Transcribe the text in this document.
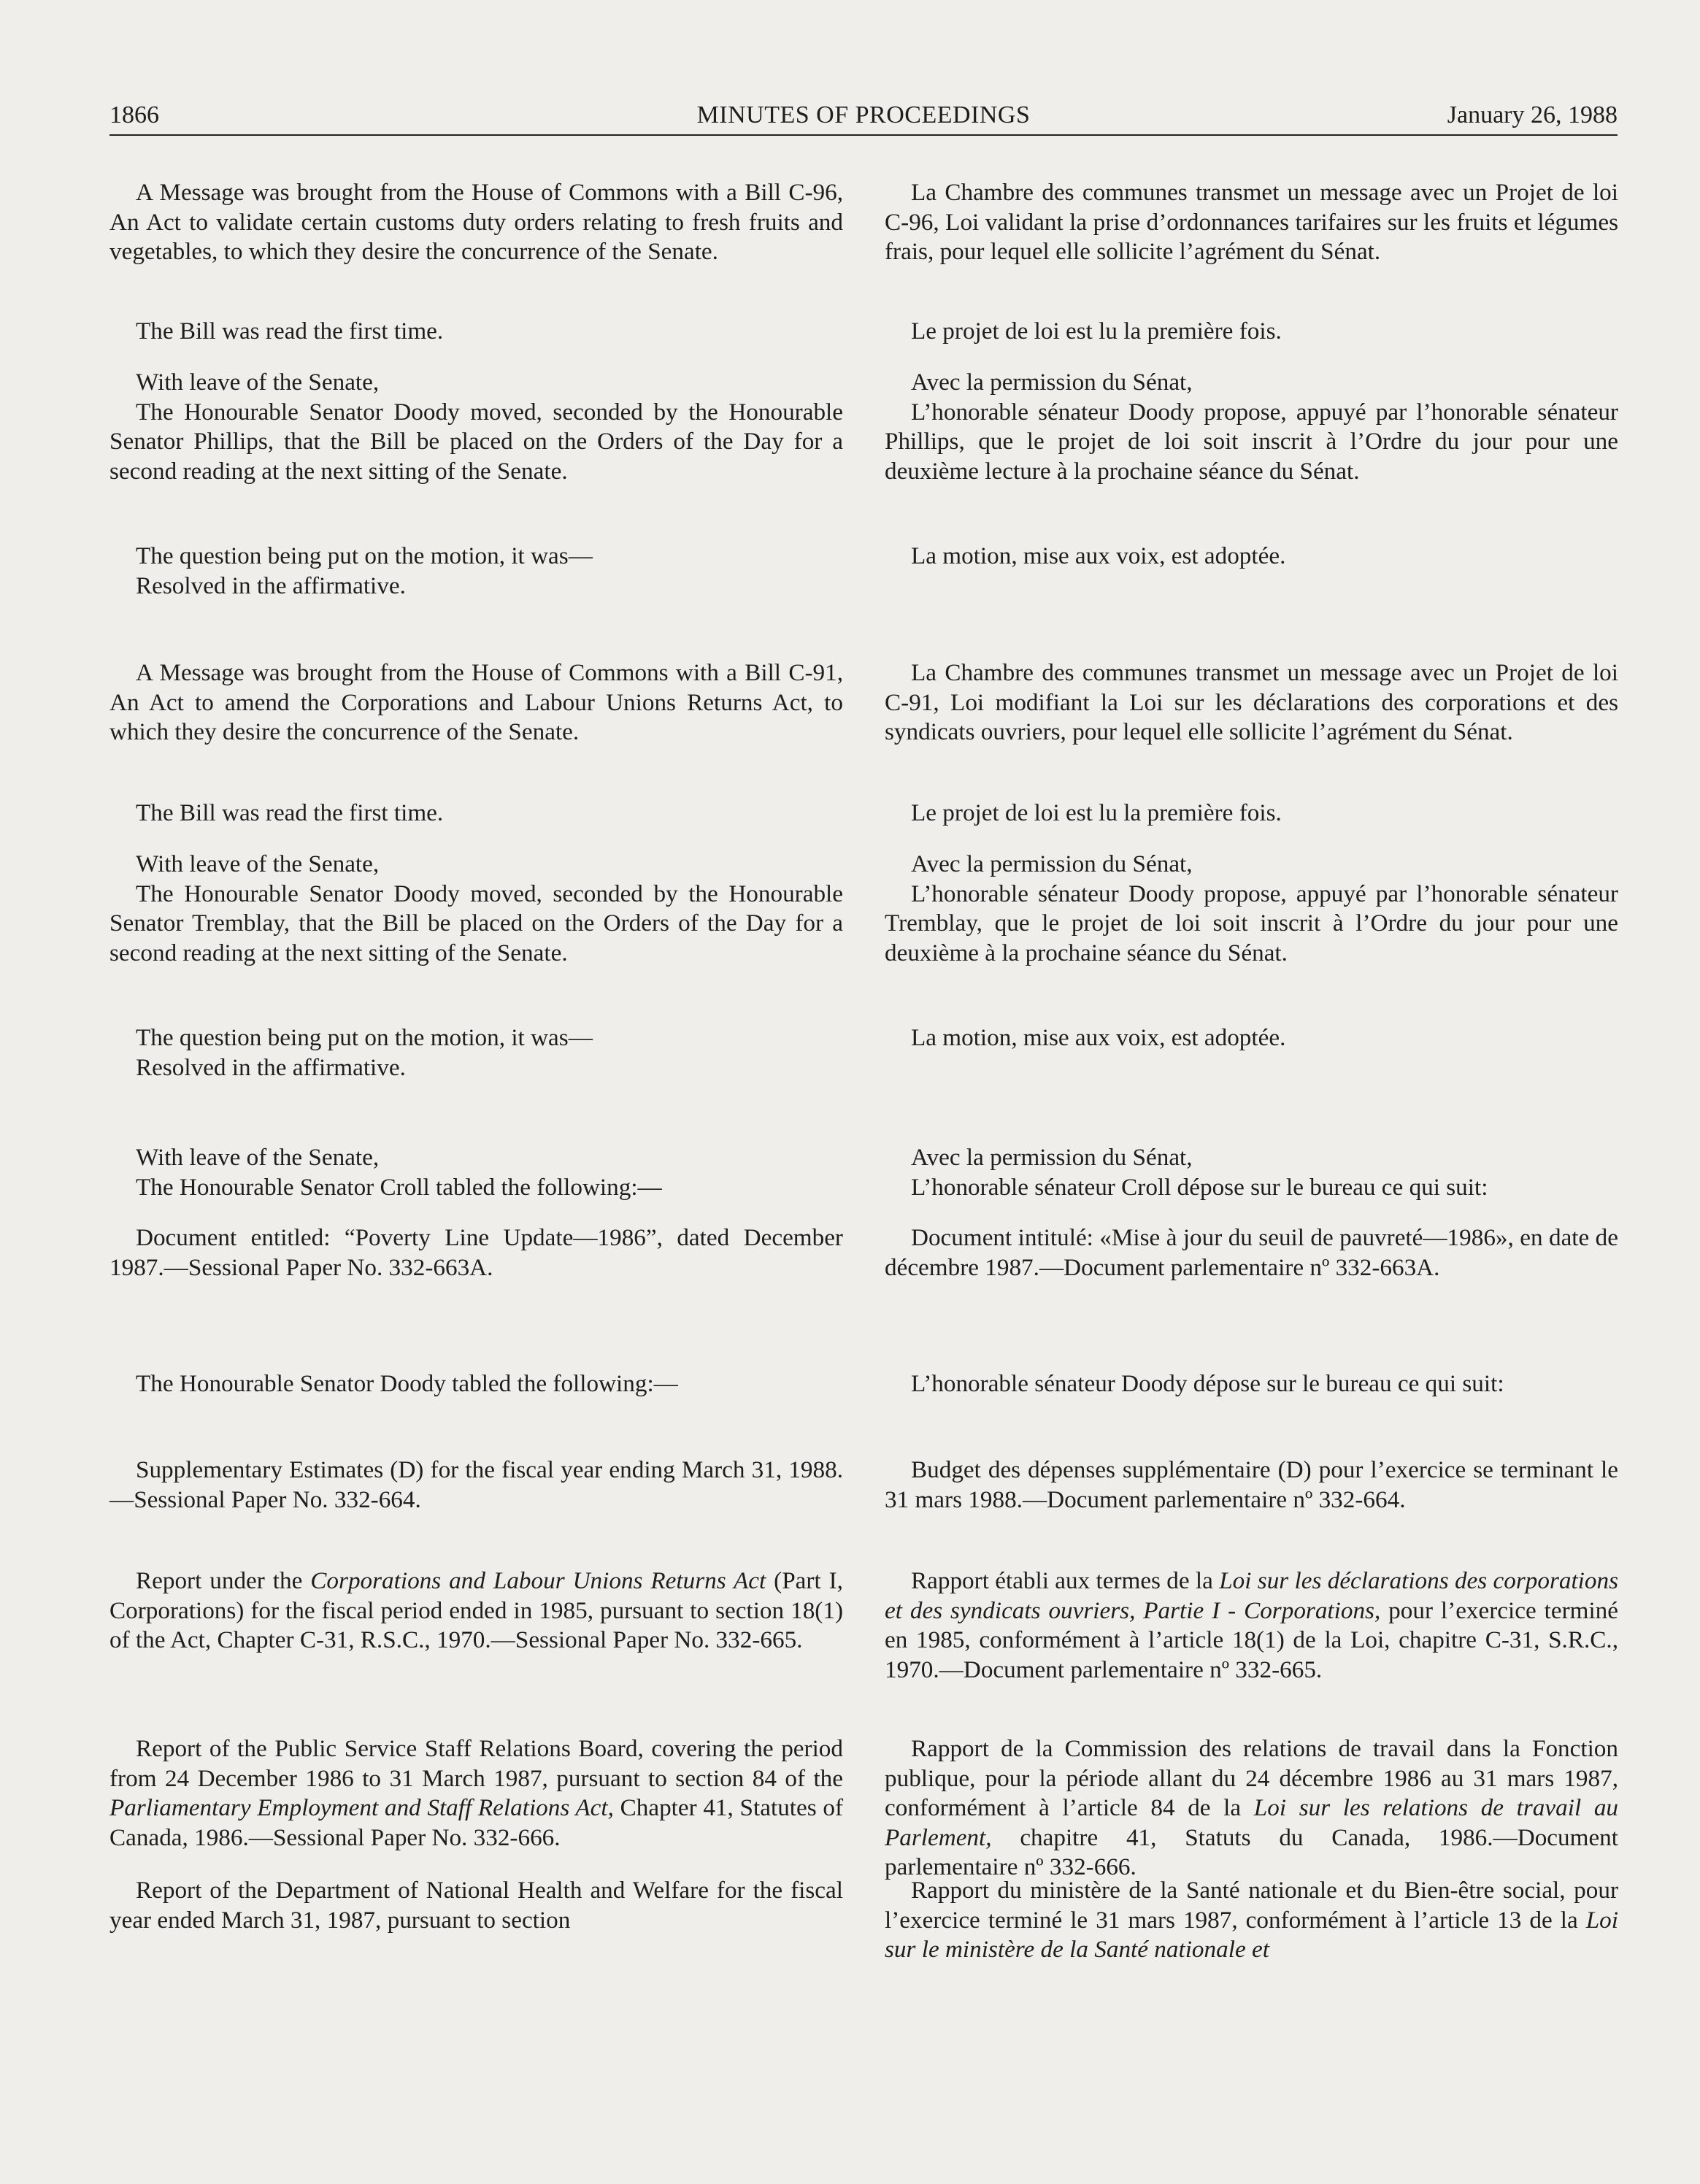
1866	MINUTES OF PROCEEDINGS	January 26, 1988

A Message was brought from the House of Commons with a Bill C-96, An Act to validate certain customs duty orders relating to fresh fruits and vegetables, to which they desire the concurrence of the Senate.

The Bill was read the first time.

With leave of the Senate,
The Honourable Senator Doody moved, seconded by the Honourable Senator Phillips, that the Bill be placed on the Orders of the Day for a second reading at the next sitting of the Senate.

The question being put on the motion, it was—
Resolved in the affirmative.

A Message was brought from the House of Commons with a Bill C-91, An Act to amend the Corporations and Labour Unions Returns Act, to which they desire the concurrence of the Senate.

The Bill was read the first time.

With leave of the Senate,
The Honourable Senator Doody moved, seconded by the Honourable Senator Tremblay, that the Bill be placed on the Orders of the Day for a second reading at the next sitting of the Senate.

The question being put on the motion, it was—
Resolved in the affirmative.

With leave of the Senate,
The Honourable Senator Croll tabled the following:—

Document entitled: “Poverty Line Update—1986”, dated December 1987.—Sessional Paper No. 332-663A.

The Honourable Senator Doody tabled the following:—

Supplementary Estimates (D) for the fiscal year ending March 31, 1988.—Sessional Paper No. 332-664.

Report under the Corporations and Labour Unions Returns Act (Part I, Corporations) for the fiscal period ended in 1985, pursuant to section 18(1) of the Act, Chapter C-31, R.S.C., 1970.—Sessional Paper No. 332-665.

Report of the Public Service Staff Relations Board, covering the period from 24 December 1986 to 31 March 1987, pursuant to section 84 of the Parliamentary Employment and Staff Relations Act, Chapter 41, Statutes of Canada, 1986.—Sessional Paper No. 332-666.

Report of the Department of National Health and Welfare for the fiscal year ended March 31, 1987, pursuant to section

La Chambre des communes transmet un message avec un Projet de loi C-96, Loi validant la prise d’ordonnances tarifaires sur les fruits et légumes frais, pour lequel elle sollicite l’agrément du Sénat.

Le projet de loi est lu la première fois.

Avec la permission du Sénat,
L’honorable sénateur Doody propose, appuyé par l’honorable sénateur Phillips, que le projet de loi soit inscrit à l’Ordre du jour pour une deuxième lecture à la prochaine séance du Sénat.

La motion, mise aux voix, est adoptée.

La Chambre des communes transmet un message avec un Projet de loi C-91, Loi modifiant la Loi sur les déclarations des corporations et des syndicats ouvriers, pour lequel elle sollicite l’agrément du Sénat.

Le projet de loi est lu la première fois.

Avec la permission du Sénat,
L’honorable sénateur Doody propose, appuyé par l’honorable sénateur Tremblay, que le projet de loi soit inscrit à l’Ordre du jour pour une deuxième à la prochaine séance du Sénat.

La motion, mise aux voix, est adoptée.

Avec la permission du Sénat,
L’honorable sénateur Croll dépose sur le bureau ce qui suit:

Document intitulé: «Mise à jour du seuil de pauvreté—1986», en date de décembre 1987.—Document parlementaire nº 332-663A.

L’honorable sénateur Doody dépose sur le bureau ce qui suit:

Budget des dépenses supplémentaire (D) pour l’exercice se terminant le 31 mars 1988.—Document parlementaire nº 332-664.

Rapport établi aux termes de la Loi sur les déclarations des corporations et des syndicats ouvriers, Partie I - Corporations, pour l’exercice terminé en 1985, conformément à l’article 18(1) de la Loi, chapitre C-31, S.R.C., 1970.—Document parlementaire nº 332-665.

Rapport de la Commission des relations de travail dans la Fonction publique, pour la période allant du 24 décembre 1986 au 31 mars 1987, conformément à l’article 84 de la Loi sur les relations de travail au Parlement, chapitre 41, Statuts du Canada, 1986.—Document parlementaire nº 332-666.

Rapport du ministère de la Santé nationale et du Bien-être social, pour l’exercice terminé le 31 mars 1987, conformément à l’article 13 de la Loi sur le ministère de la Santé nationale et
